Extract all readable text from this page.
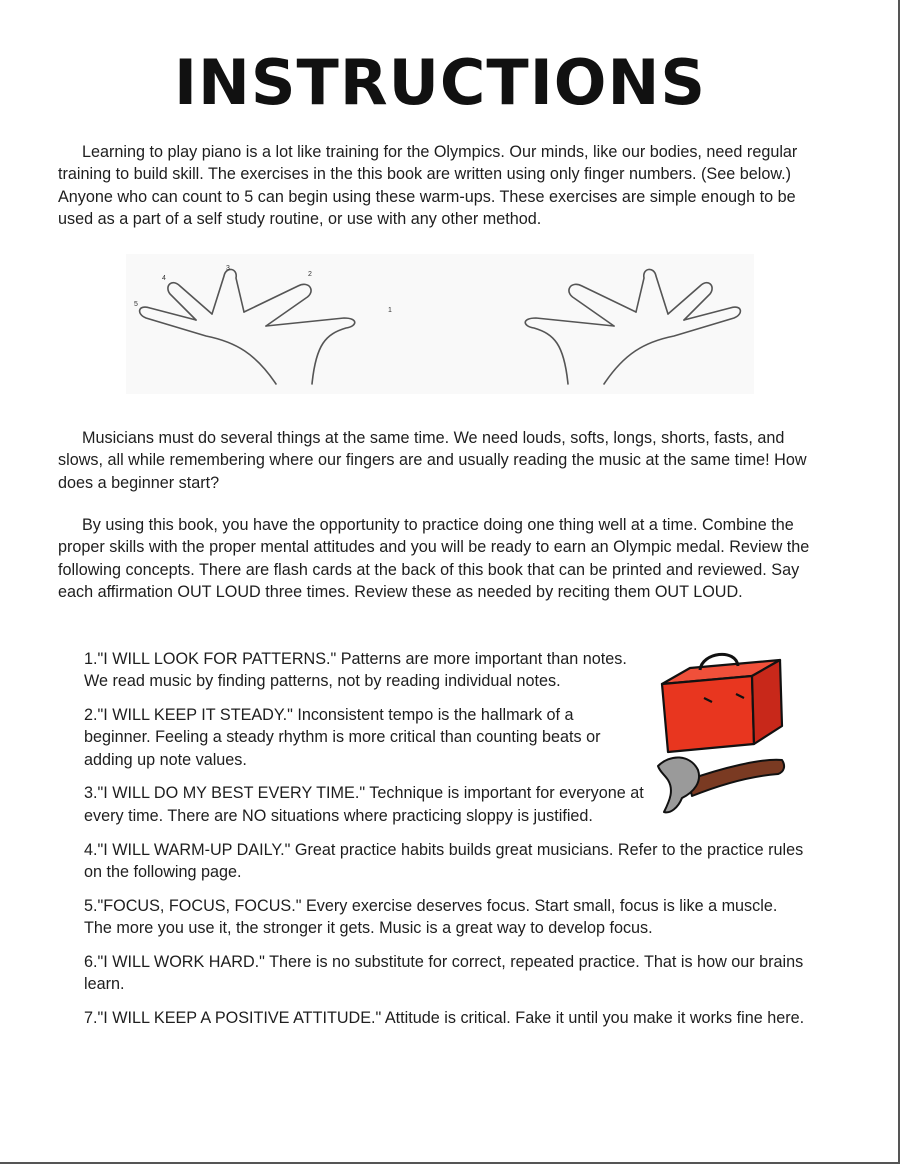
INSTRUCTIONS

Learning to play piano is a lot like training for the Olympics. Our minds, like our bodies, need regular training to build skill. The exercises in the this book are written using only finger numbers. (See below.) Anyone who can count to 5 can begin using these warm-ups. These exercises are simple enough to be used as a part of a self study routine, or use with any other method.

5
4
3
2
1

Musicians must do several things at the same time. We need louds, softs, longs, shorts, fasts, and slows, all while remembering where our fingers are and usually reading the music at the same time! How does a beginner start?

By using this book, you have the opportunity to practice doing one thing well at a time. Combine the proper skills with the proper mental attitudes and you will be ready to earn an Olympic medal. Review the following concepts. There are flash cards at the back of this book that can be printed and reviewed. Say each affirmation OUT LOUD three times. Review these as needed by reciting them OUT LOUD.

1."I WILL LOOK FOR PATTERNS." Patterns are more important than notes. We read music by finding patterns, not by reading individual notes.
2."I WILL KEEP IT STEADY." Inconsistent tempo is the hallmark of a beginner. Feeling a steady rhythm is more critical than counting beats or adding up note values.
3."I WILL DO MY BEST EVERY TIME." Technique is important for everyone at every time. There are NO situations where practicing sloppy is justified.
4."I WILL WARM-UP DAILY." Great practice habits builds great musicians. Refer to the practice rules on the following page.
5."FOCUS, FOCUS, FOCUS." Every exercise deserves focus. Start small, focus is like a muscle. The more you use it, the stronger it gets. Music is a great way to develop focus.
6."I WILL WORK HARD." There is no substitute for correct, repeated practice. That is how our brains learn.
7."I WILL KEEP A POSITIVE ATTITUDE." Attitude is critical. Fake it until you make it works fine here.
